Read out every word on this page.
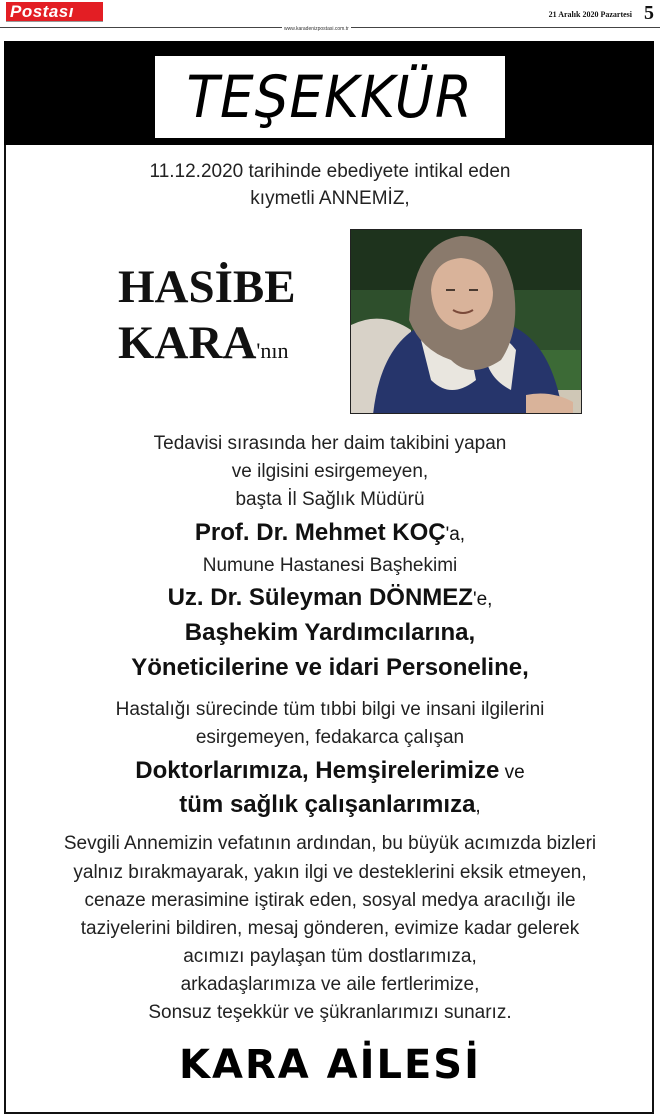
Postası
www.karadenizpostasi.com.tr
21 Aralık 2020 Pazartesi 5
TEŞEKKÜR
11.12.2020 tarihinde ebediyete intikal eden
kıymetli ANNEMİZ,
HASİBE
KARA'nın
Tedavisi sırasında her daim takibini yapan
ve ilgisini esirgemeyen,
başta İl Sağlık Müdürü
Prof. Dr. Mehmet KOÇ'a,
Numune Hastanesi Başhekimi
Uz. Dr. Süleyman DÖNMEZ'e,
Başhekim Yardımcılarına,
Yöneticilerine ve idari Personeline,
Hastalığı sürecinde tüm tıbbi bilgi ve insani ilgilerini
esirgemeyen, fedakarca çalışan
Doktorlarımıza, Hemşirelerimize ve
tüm sağlık çalışanlarımıza,
Sevgili Annemizin vefatının ardından, bu büyük acımızda bizleri
yalnız bırakmayarak, yakın ilgi ve desteklerini eksik etmeyen,
cenaze merasimine iştirak eden, sosyal medya aracılığı ile
taziyelerini bildiren, mesaj gönderen, evimize kadar gelerek
acımızı paylaşan tüm dostlarımıza,
arkadaşlarımıza ve aile fertlerimize,
Sonsuz teşekkür ve şükranlarımızı sunarız.
KARA AİLESİ
